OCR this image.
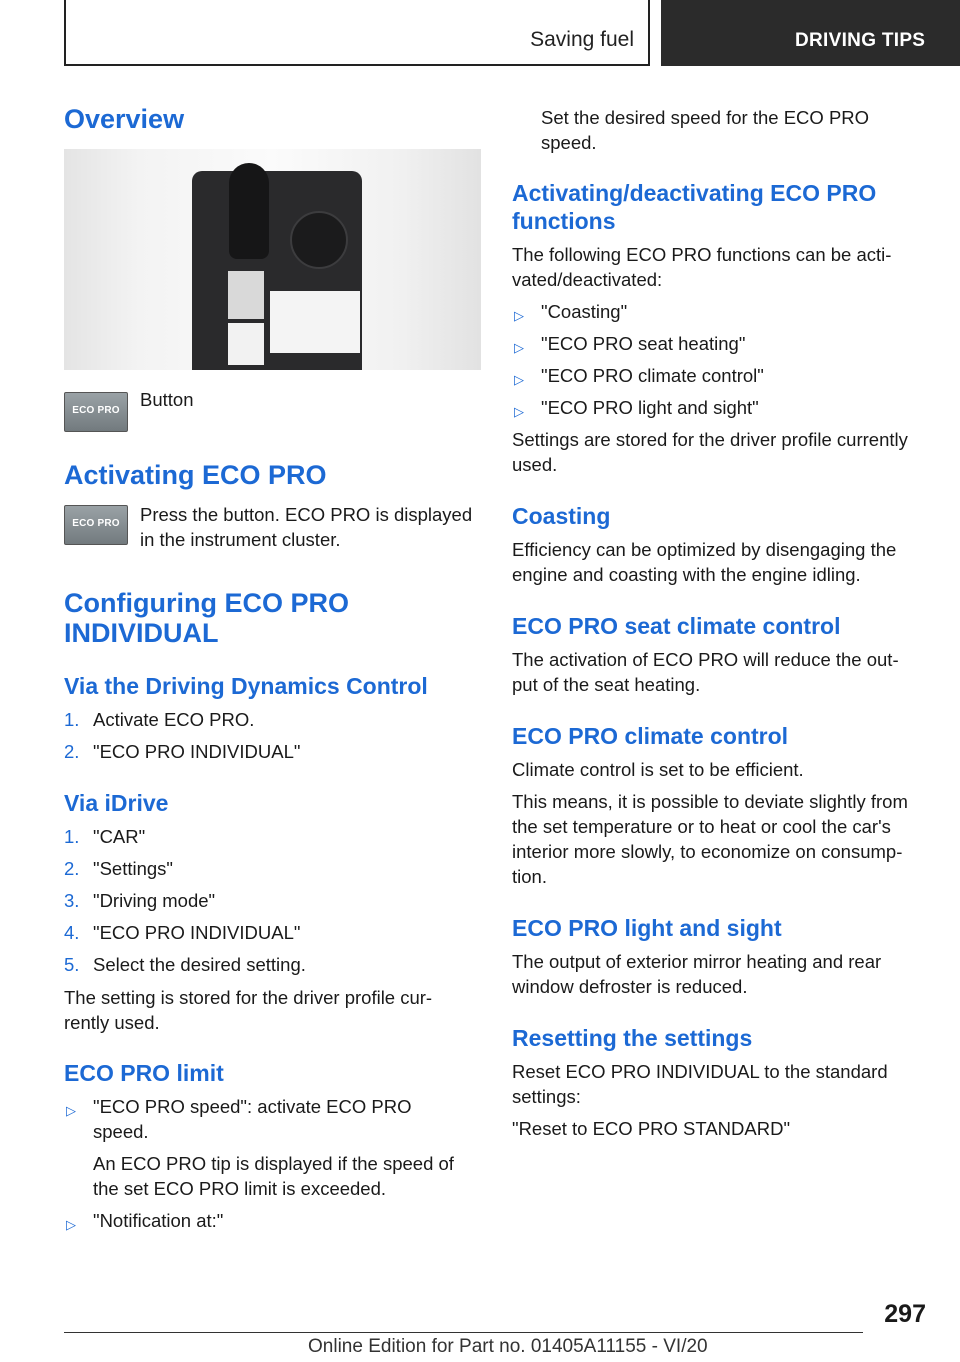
Saving fuel	DRIVING TIPS
Overview
ECO PRO
Button
Activating ECO PRO
ECO PRO	Press the button. ECO PRO is displayed in the instrument cluster.
Configuring ECO PRO
INDIVIDUAL
Via the Driving Dynamics Control
1. Activate ECO PRO.
2. "ECO PRO INDIVIDUAL"
Via iDrive
1. "CAR"
2. "Settings"
3. "Driving mode"
4. "ECO PRO INDIVIDUAL"
5. Select the desired setting.
The setting is stored for the driver profile cur-
rently used.
ECO PRO limit
▷ "ECO PRO speed": activate ECO PRO
speed.
An ECO PRO tip is displayed if the speed of
the set ECO PRO limit is exceeded.
▷ "Notification at:"
Set the desired speed for the ECO PRO
speed.
Activating/deactivating ECO PRO
functions
The following ECO PRO functions can be acti-
vated/deactivated:
▷ "Coasting"
▷ "ECO PRO seat heating"
▷ "ECO PRO climate control"
▷ "ECO PRO light and sight"
Settings are stored for the driver profile currently
used.
Coasting
Efficiency can be optimized by disengaging the
engine and coasting with the engine idling.
ECO PRO seat climate control
The activation of ECO PRO will reduce the out-
put of the seat heating.
ECO PRO climate control
Climate control is set to be efficient.
This means, it is possible to deviate slightly from
the set temperature or to heat or cool the car's
interior more slowly, to economize on consump-
tion.
ECO PRO light and sight
The output of exterior mirror heating and rear
window defroster is reduced.
Resetting the settings
Reset ECO PRO INDIVIDUAL to the standard
settings:
"Reset to ECO PRO STANDARD"
297
Online Edition for Part no. 01405A11155 - VI/20
